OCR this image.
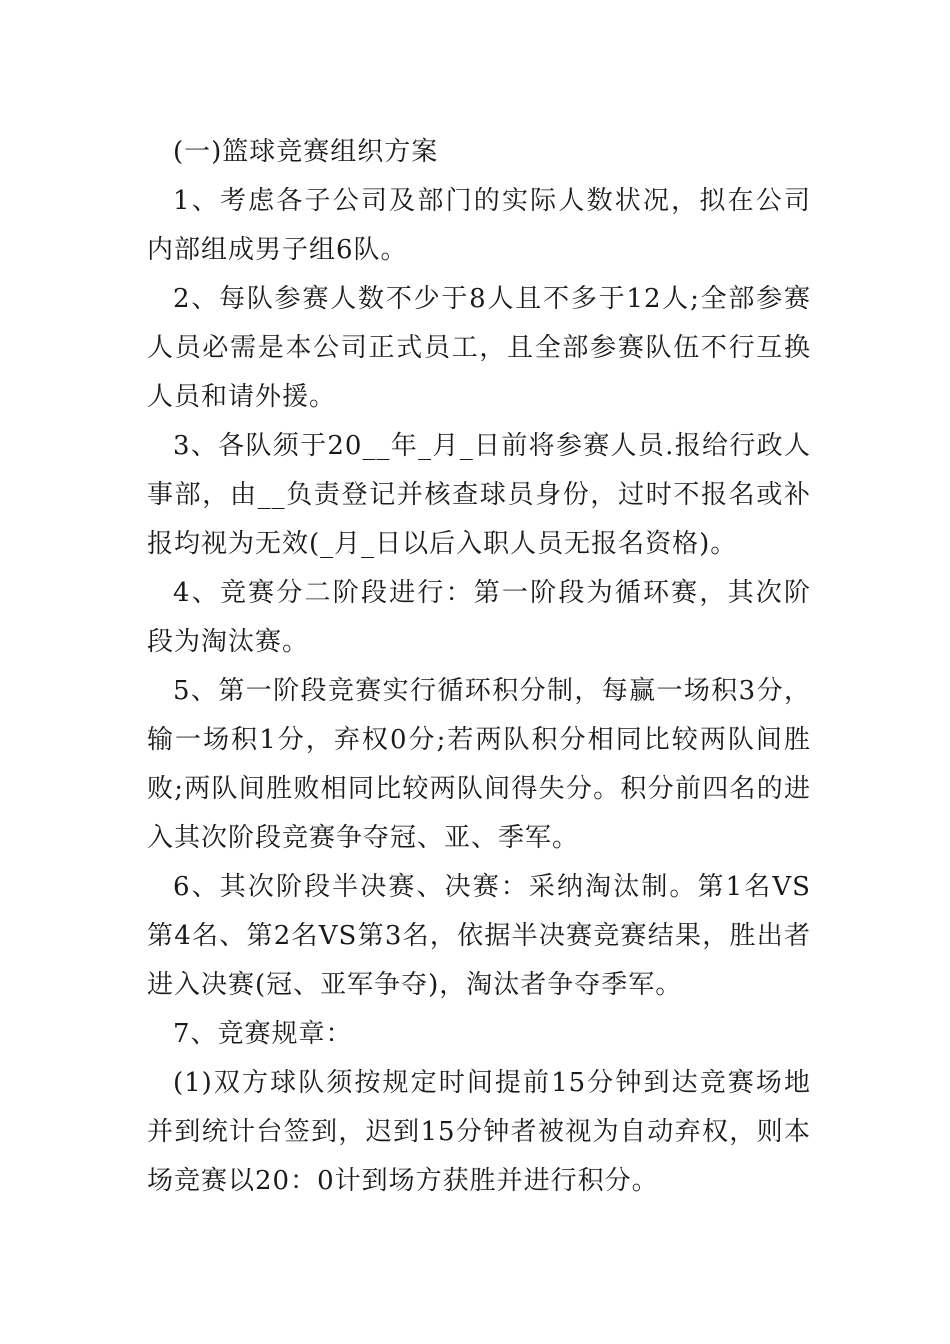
(一)篮球竞赛组织方案

1、考虑各子公司及部门的实际人数状况，拟在公司内部组成男子组6队。

2、每队参赛人数不少于8人且不多于12人;全部参赛人员必需是本公司正式员工，且全部参赛队伍不行互换人员和请外援。

3、各队须于20__年_月_日前将参赛人员.报给行政人事部，由__负责登记并核查球员身份，过时不报名或补报均视为无效(_月_日以后入职人员无报名资格)。

4、竞赛分二阶段进行：第一阶段为循环赛，其次阶段为淘汰赛。

5、第一阶段竞赛实行循环积分制，每赢一场积3分，输一场积1分，弃权0分;若两队积分相同比较两队间胜败;两队间胜败相同比较两队间得失分。积分前四名的进入其次阶段竞赛争夺冠、亚、季军。

6、其次阶段半决赛、决赛：采纳淘汰制。第1名VS第4名、第2名VS第3名，依据半决赛竞赛结果，胜出者进入决赛(冠、亚军争夺)，淘汰者争夺季军。

7、竞赛规章：

(1)双方球队须按规定时间提前15分钟到达竞赛场地并到统计台签到，迟到15分钟者被视为自动弃权，则本场竞赛以20：0计到场方获胜并进行积分。
